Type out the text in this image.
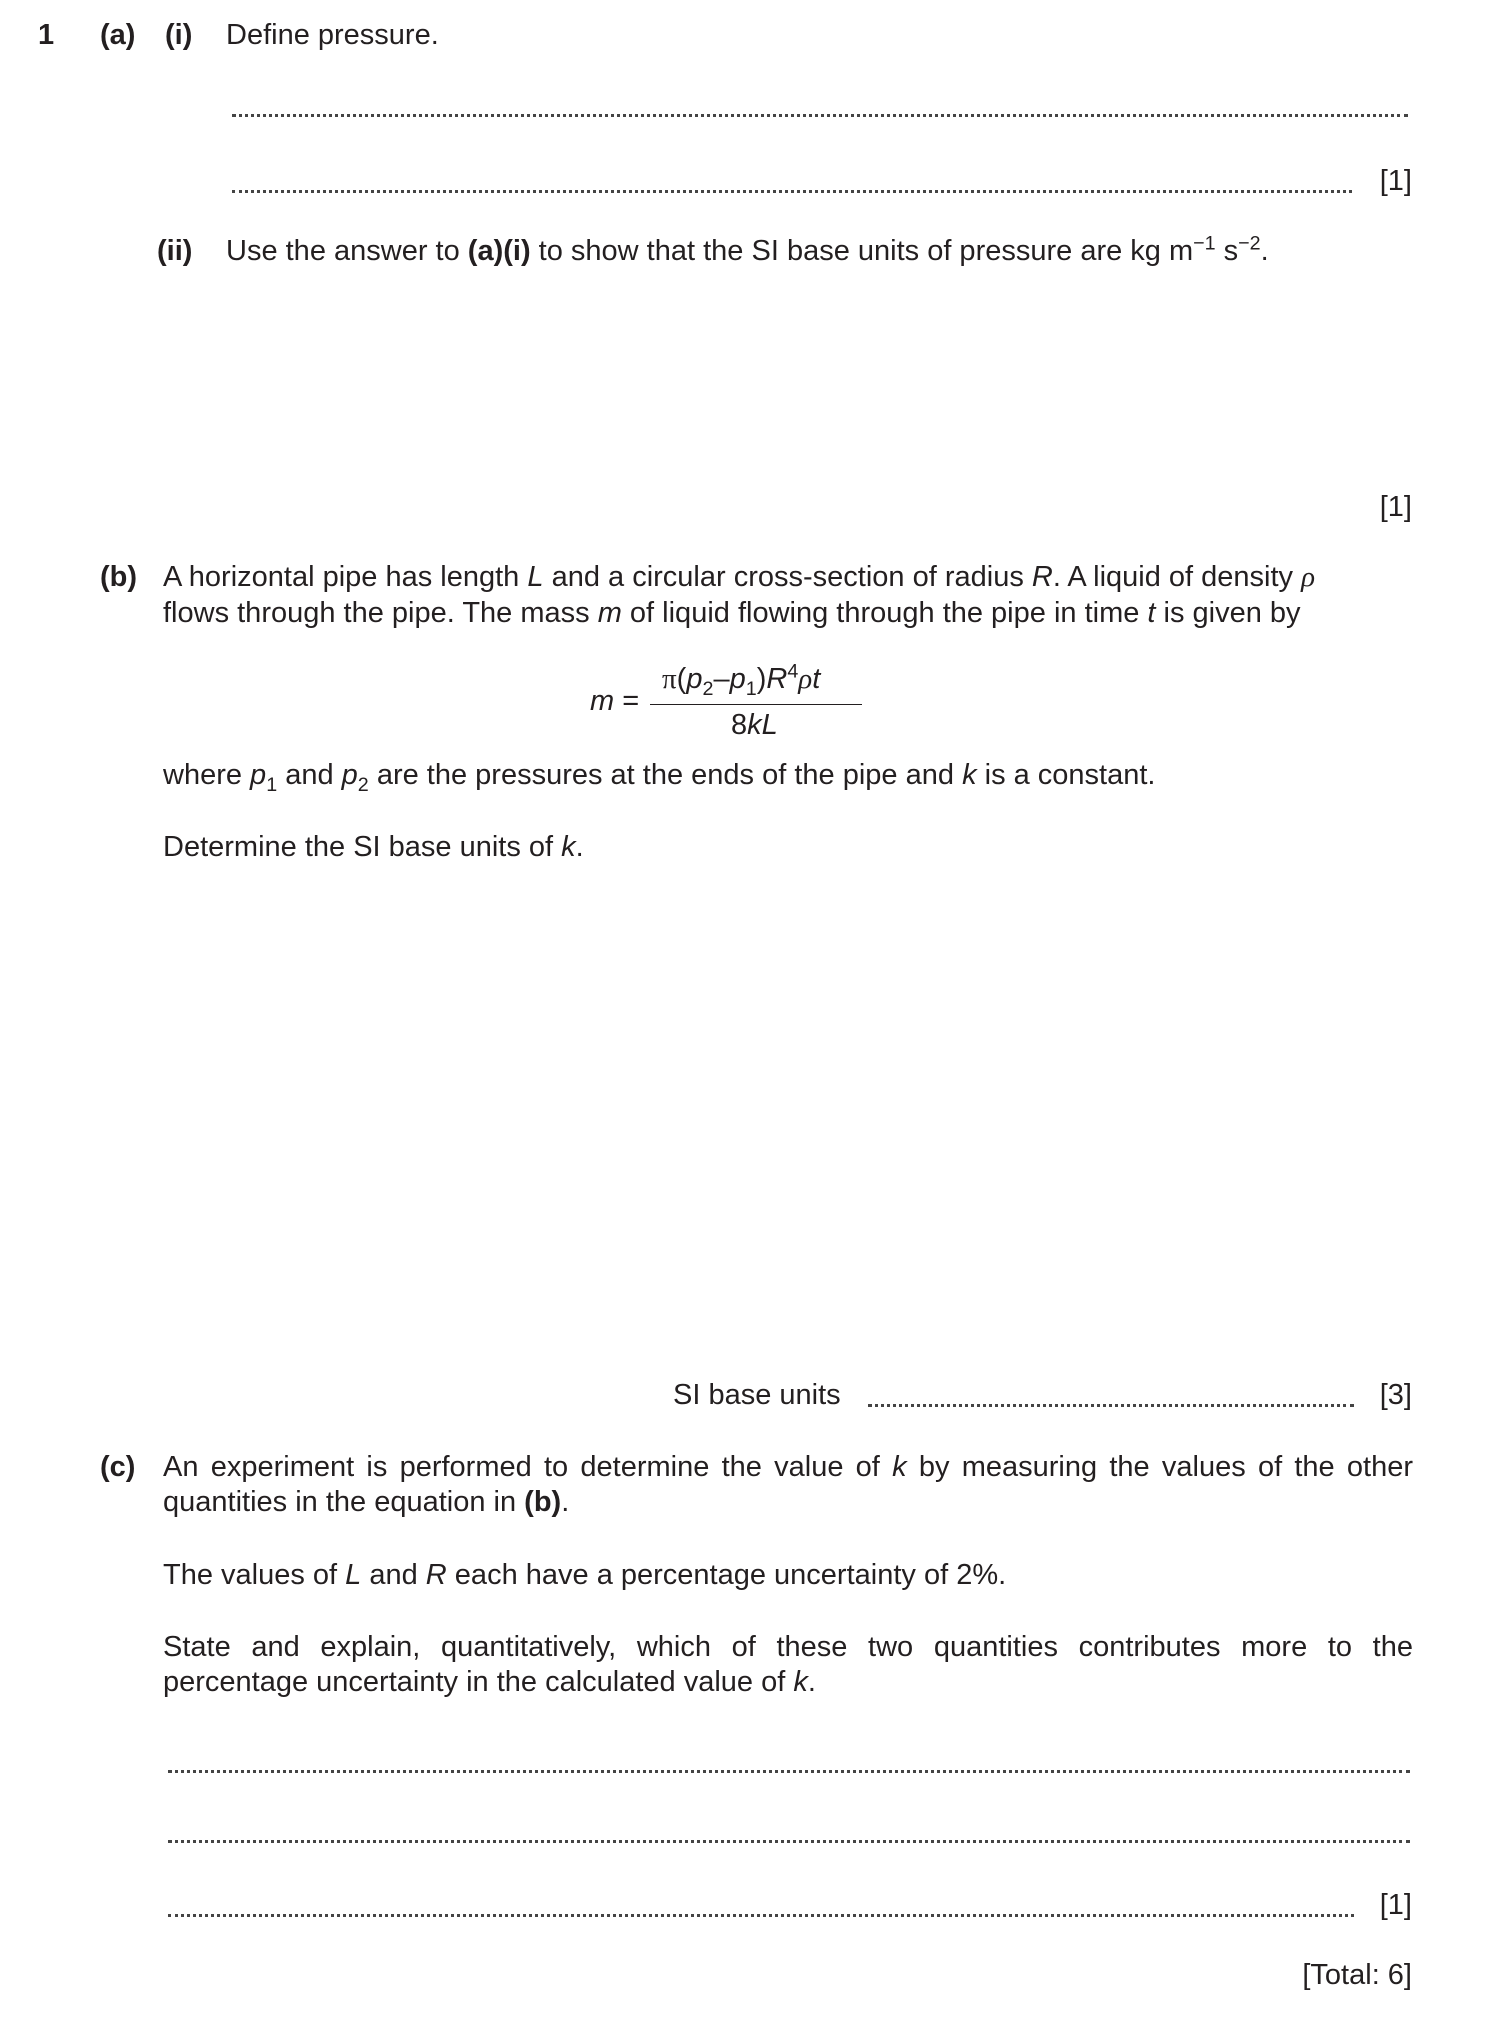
1 (a) (i) Define pressure.
[1]
(ii) Use the answer to (a)(i) to show that the SI base units of pressure are kg $m^{-1}$ $s^{-2}$.
[1]
(b) A horizontal pipe has length L and a circular cross-section of radius R. A liquid of density ρ
flows through the pipe. The mass m of liquid flowing through the pipe in time t is given by
m =
$\pi(p_2-p_1)R^4\rho t$
8kL
where $p_1$ and $p_2$ are the pressures at the ends of the pipe and k is a constant.
Determine the SI base units of k.
SI base units	[3]
(c) An experiment is performed to determine the value of k by measuring the values of the other quantities in the equation in (b).
The values of L and R each have a percentage uncertainty of 2%.
State and explain, quantitatively, which of these two quantities contributes more to the percentage uncertainty in the calculated value of k.
[1]
[Total: 6]
